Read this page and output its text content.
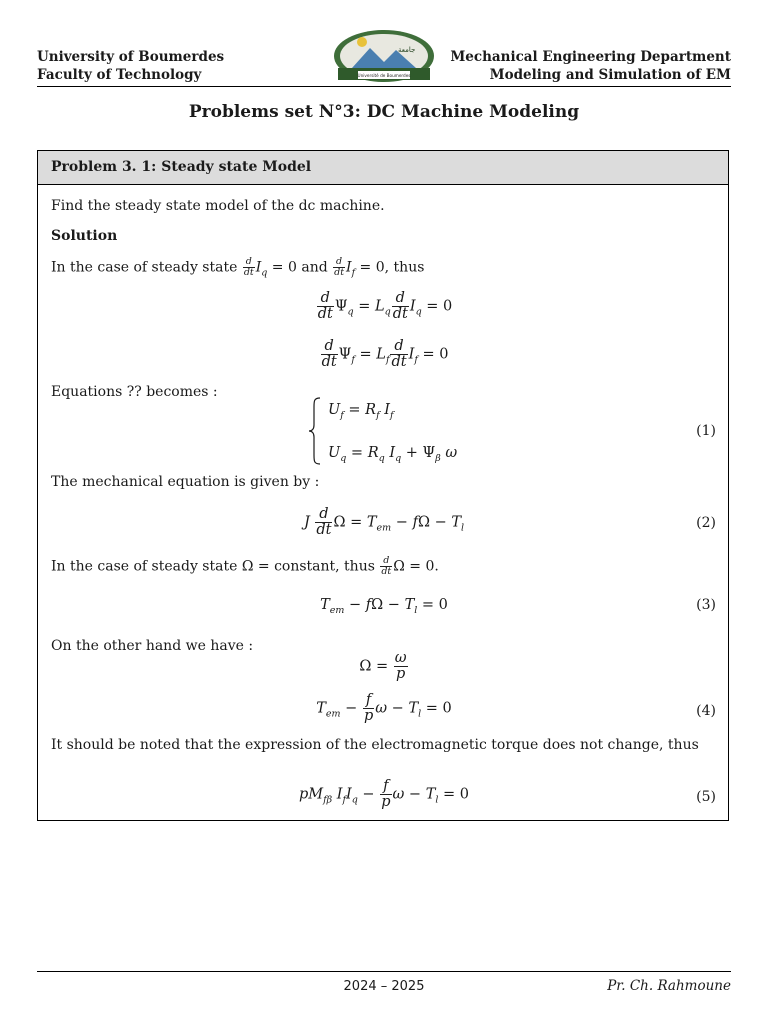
University of Boumerdes
Faculty of Technology
ﺟﺎﻣﻌﺔ
Université de Boumerdes
Mechanical Engineering Department
Modeling and Simulation of EM
Problems set N°3: DC Machine Modeling
Problem 3. 1: Steady state Model
Find the steady state model of the dc machine.
Solution
In the case of steady state $\frac{d}{dt} I_q = 0$ and $\frac{d}{dt} I_f = 0$, thus
$\frac{d}{dt} \Psi_q = L_q \frac{d}{dt} I_q = 0$
$\frac{d}{dt} \Psi_f = L_f \frac{d}{dt} I_f = 0$
Equations ?? becomes :
$U_f = R_f$ $I_f$
$U_q = R_q$ $I_q + \Psi_\beta$ ω
(1)
The mechanical equation is given by :
J $\frac{d}{dt}$ $\Omega = T_{em} - f\Omega - T_l$	(2)
In the case of steady state Ω = constant, thus $\frac{d}{dt}$ Ω = 0.
$T_{em} - f\Omega - T_l = 0$	(3)
On the other hand we have :
$\Omega = \frac{\omega}{p}$
$T_{em} - \frac{f}{p}$ $\omega - T_l = 0$	(4)
It should be noted that the expression of the electromagnetic torque does not change, thus
$pM_{f\beta}$ $I_fI_q - \frac{f}{p}$ $\omega - T_l = 0$	(5)
2024 – 2025	Pr. Ch. Rahmoune
